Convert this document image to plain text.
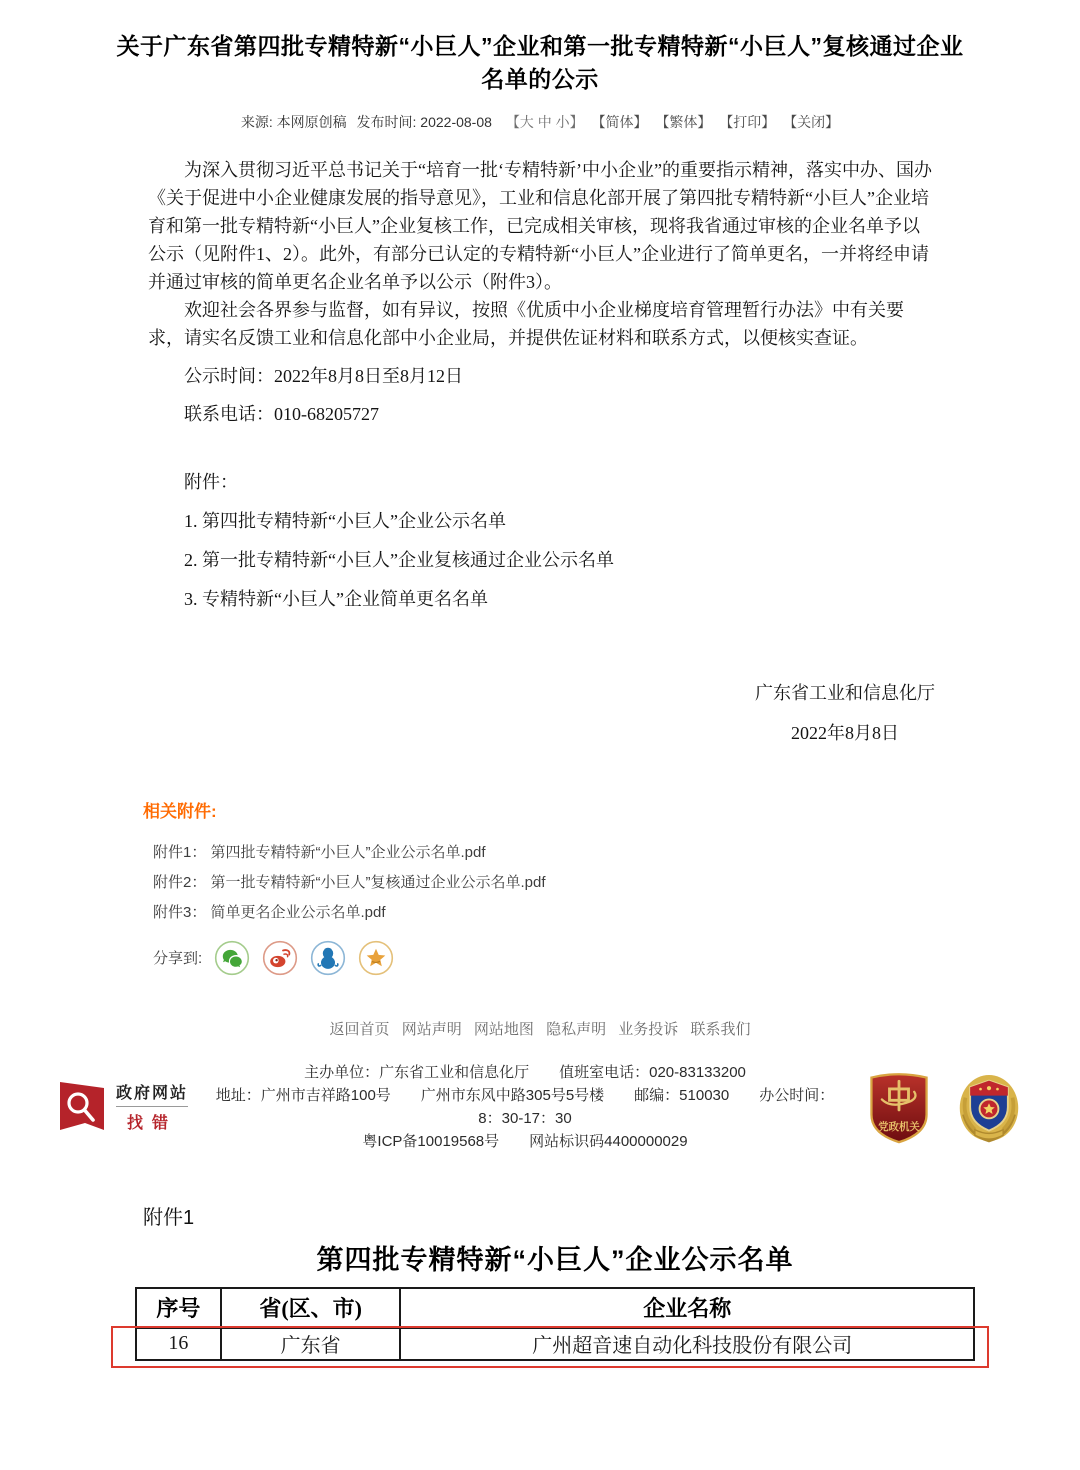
关于广东省第四批专精特新“小巨人”企业和第一批专精特新“小巨人”复核通过企业名单的公示
来源: 本网原创稿 发布时间: 2022-08-08 【大 中 小】 【简体】 【繁体】 【打印】 【关闭】

为深入贯彻习近平总书记关于“培育一批‘专精特新’中小企业”的重要指示精神，落实中办、国办《关于促进中小企业健康发展的指导意见》，工业和信息化部开展了第四批专精特新“小巨人”企业培育和第一批专精特新“小巨人”企业复核工作，已完成相关审核，现将我省通过审核的企业名单予以公示（见附件1、2）。此外，有部分已认定的专精特新“小巨人”企业进行了简单更名，一并将经申请并通过审核的简单更名企业名单予以公示（附件3）。

欢迎社会各界参与监督，如有异议，按照《优质中小企业梯度培育管理暂行办法》中有关要求，请实名反馈工业和信息化部中小企业局，并提供佐证材料和联系方式，以便核实查证。

公示时间：2022年8月8日至8月12日

联系电话：010-68205727

附件：

1. 第四批专精特新“小巨人”企业公示名单

2. 第一批专精特新“小巨人”企业复核通过企业公示名单

3. 专精特新“小巨人”企业简单更名名单

广东省工业和信息化厅
2022年8月8日
相关附件:
附件1： 第四批专精特新“小巨人”企业公示名单.pdf
附件2： 第一批专精特新“小巨人”复核通过企业公示名单.pdf
附件3： 简单更名企业公示名单.pdf
分享到:
返回首页 网站声明 网站地图 隐私声明 业务投诉 联系我们
政府网站
找错
主办单位：广东省工业和信息化厅　　值班室电话：020-83133200
地址：广州市吉祥路100号　　广州市东风中路305号5号楼　　邮编：510030　　办公时间：8：30-17：30
粤ICP备10019568号　　网站标识码4400000029
党政机关
附件1
第四批专精特新“小巨人”企业公示名单
序号	省(区、市)	企业名称
16	广东省	广州超音速自动化科技股份有限公司
